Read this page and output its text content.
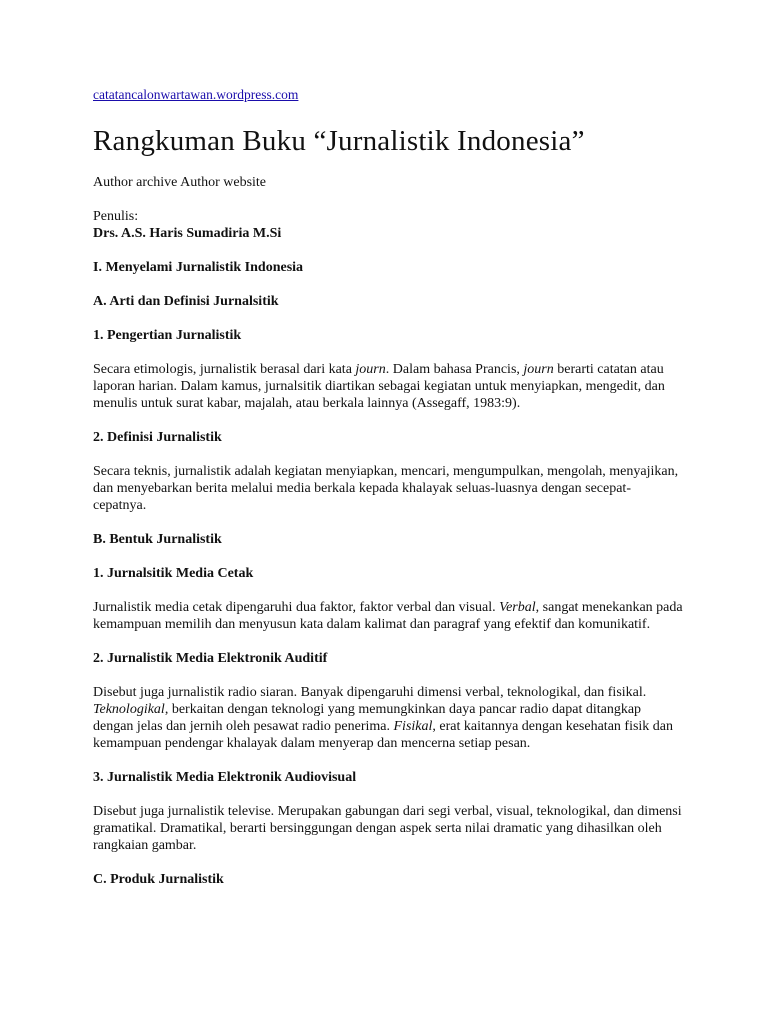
catatancalonwartawan.wordpress.com
Rangkuman Buku “Jurnalistik Indonesia”

Author archive Author website

Penulis:

Drs. A.S. Haris Sumadiria M.Si

I. Menyelami Jurnalistik Indonesia

A. Arti dan Definisi Jurnalsitik

1. Pengertian Jurnalistik

Secara etimologis, jurnalistik berasal dari kata journ. Dalam bahasa Prancis, journ berarti catatan atau laporan harian. Dalam kamus, jurnalsitik diartikan sebagai kegiatan untuk menyiapkan, mengedit, dan menulis untuk surat kabar, majalah, atau berkala lainnya (Assegaff, 1983:9).

2. Definisi Jurnalistik

Secara teknis, jurnalistik adalah kegiatan menyiapkan, mencari, mengumpulkan, mengolah, menyajikan, dan menyebarkan berita melalui media berkala kepada khalayak seluas-luasnya dengan secepat-cepatnya.

B. Bentuk Jurnalistik

1. Jurnalsitik Media Cetak

Jurnalistik media cetak dipengaruhi dua faktor, faktor verbal dan visual. Verbal, sangat menekankan pada kemampuan memilih dan menyusun kata dalam kalimat dan paragraf yang efektif dan komunikatif.

2. Jurnalistik Media Elektronik Auditif

Disebut juga jurnalistik radio siaran. Banyak dipengaruhi dimensi verbal, teknologikal, dan fisikal. Teknologikal, berkaitan dengan teknologi yang memungkinkan daya pancar radio dapat ditangkap dengan jelas dan jernih oleh pesawat radio penerima. Fisikal, erat kaitannya dengan kesehatan fisik dan kemampuan pendengar khalayak dalam menyerap dan mencerna setiap pesan.

3. Jurnalistik Media Elektronik Audiovisual

Disebut juga jurnalistik televise. Merupakan gabungan dari segi verbal, visual, teknologikal, dan dimensi gramatikal. Dramatikal, berarti bersinggungan dengan aspek serta nilai dramatic yang dihasilkan oleh rangkaian gambar.

C. Produk Jurnalistik
